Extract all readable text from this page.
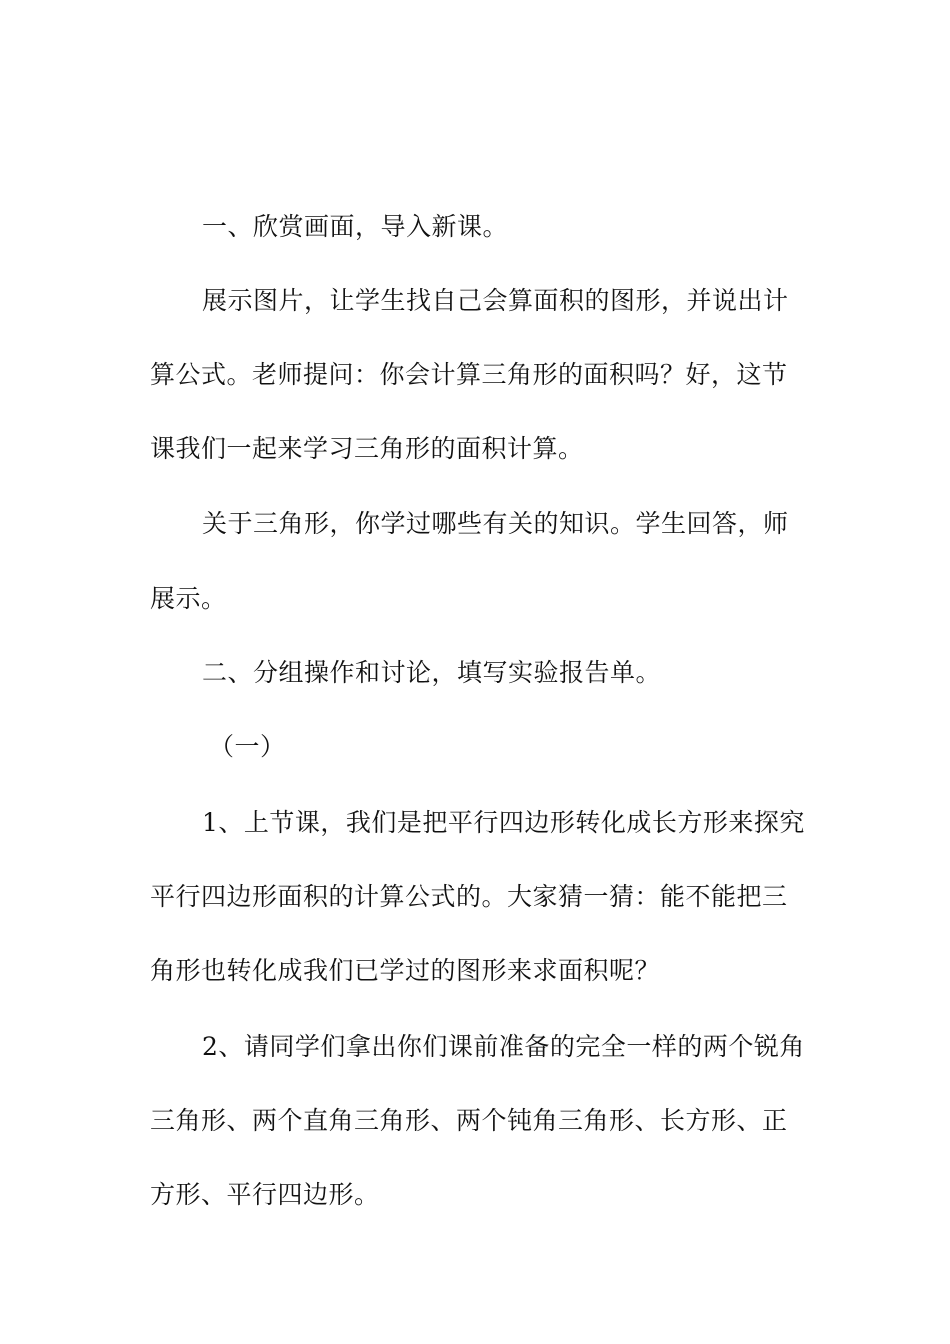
一、欣赏画面，导入新课。
展示图片，让学生找自己会算面积的图形，并说出计
算公式。老师提问：你会计算三角形的面积吗？好，这节
课我们一起来学习三角形的面积计算。
关于三角形，你学过哪些有关的知识。学生回答，师
展示。
二、分组操作和讨论，填写实验报告单。
（一）
1、上节课，我们是把平行四边形转化成长方形来探究
平行四边形面积的计算公式的。大家猜一猜：能不能把三
角形也转化成我们已学过的图形来求面积呢？
2、请同学们拿出你们课前准备的完全一样的两个锐角
三角形、两个直角三角形、两个钝角三角形、长方形、正
方形、平行四边形。
